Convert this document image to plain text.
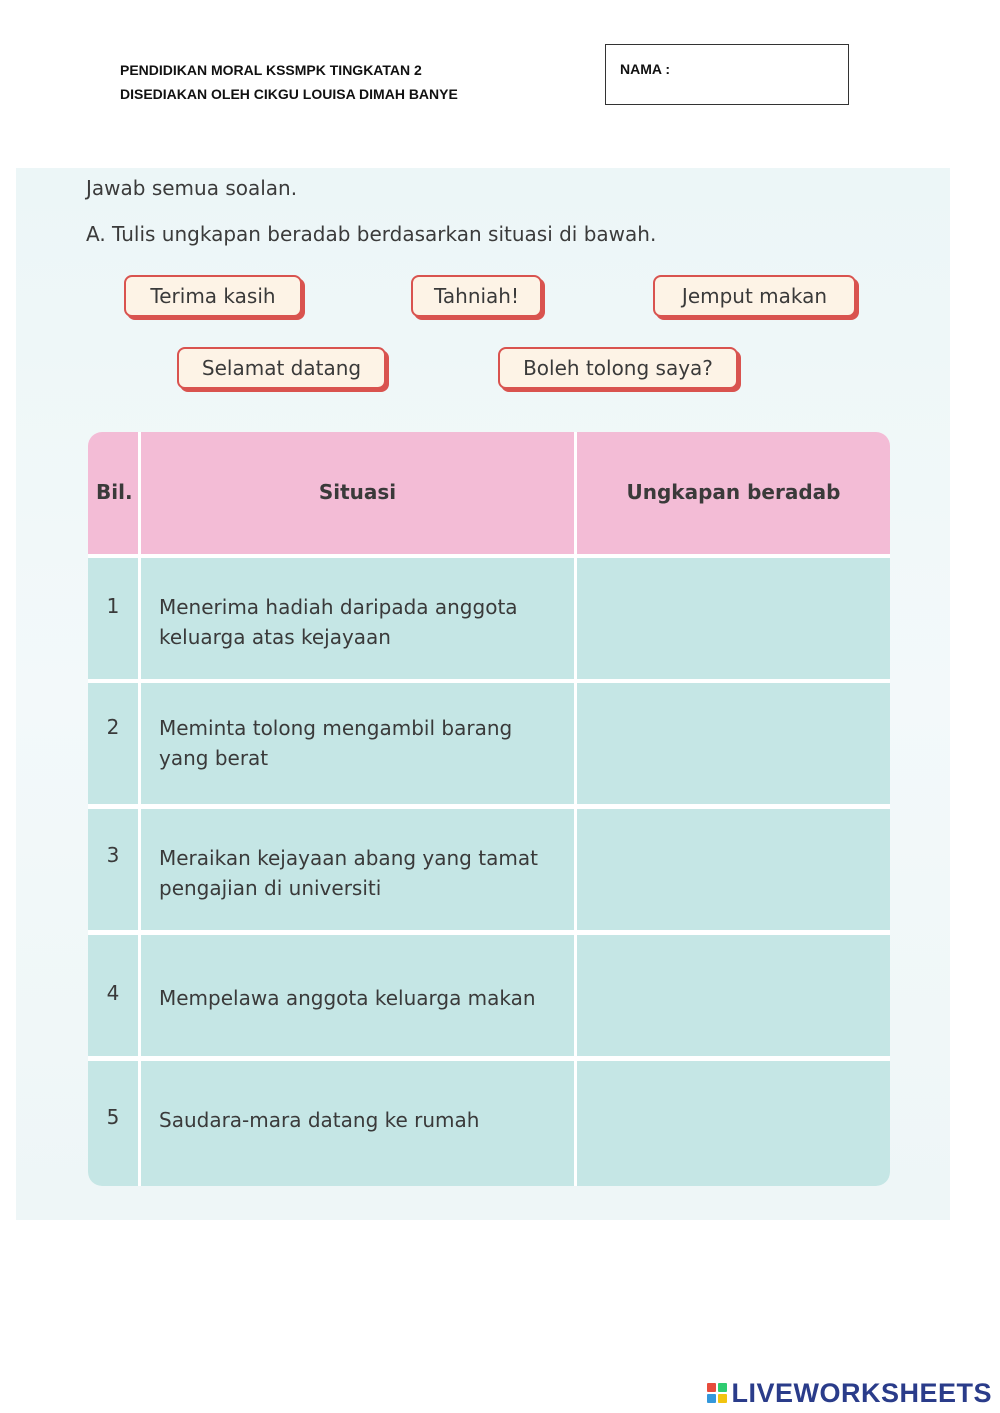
PENDIDIKAN MORAL KSSMPK TINGKATAN 2
DISEDIAKAN OLEH CIKGU LOUISA DIMAH BANYE
NAMA :
Jawab semua soalan.
A. Tulis ungkapan beradab berdasarkan situasi di bawah.
Terima kasih	Tahniah!	Jemput makan
Selamat datang	Boleh tolong saya?
Bil.	Situasi	Ungkapan beradab
1	Menerima hadiah daripada anggota keluarga atas kejayaan
2	Meminta tolong mengambil barang yang berat
3	Meraikan kejayaan abang yang tamat pengajian di universiti
4	Mempelawa anggota keluarga makan
5	Saudara-mara datang ke rumah
LIVEWORKSHEETS
